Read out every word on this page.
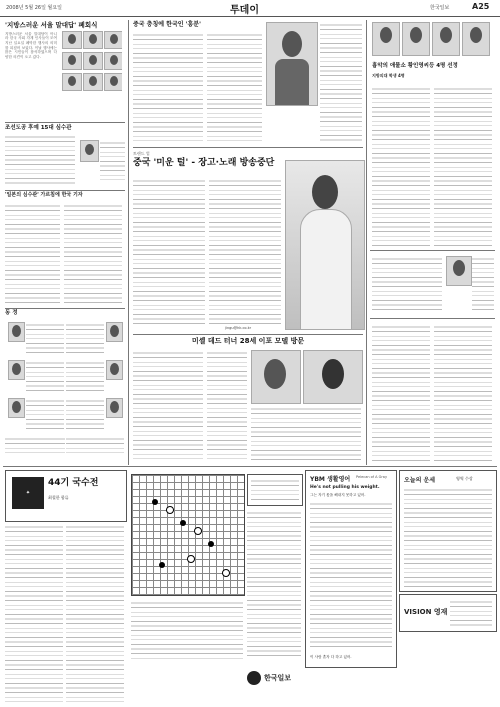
2008년 5월 26일 월요일	투데이	한국일보	A25
'지방스러운 서울 말대답' 폐회식
지방스러운 서울 말대답이 아니라 한국 사회 각계 인사들이 모여 지난 일요일 폐막한 행사의 의미를 되짚어 보았다. 이날 행사에는 많은 시민들이 참석하였으며 다양한 의견이 오고 갔다.
조선도공 후예 15대 심수관
'일본의 심수관' 가르침에 한국 기자
동 정
중국 충칭에 한국인 '흥분'
트랜드 업
중국 '미운 털' - 장고·노래 방송중단
jingu@hk.co.kr
미셸 데드 터너 28세 이포 모델 방문
흉악의 애물소 황인영씨등 4명 선정
지방의대 학생 4명
✦
44기 국수전
최철한 합류
YBM 생활영어 Pelecan of A Gray
He's not pulling his weight.
그는 자기 몫을 해내지 못하고 있어.
이 사람 혼자 다 하고 있어.
오늘의 운세	영역 수상
VISION 영재
한국일보
